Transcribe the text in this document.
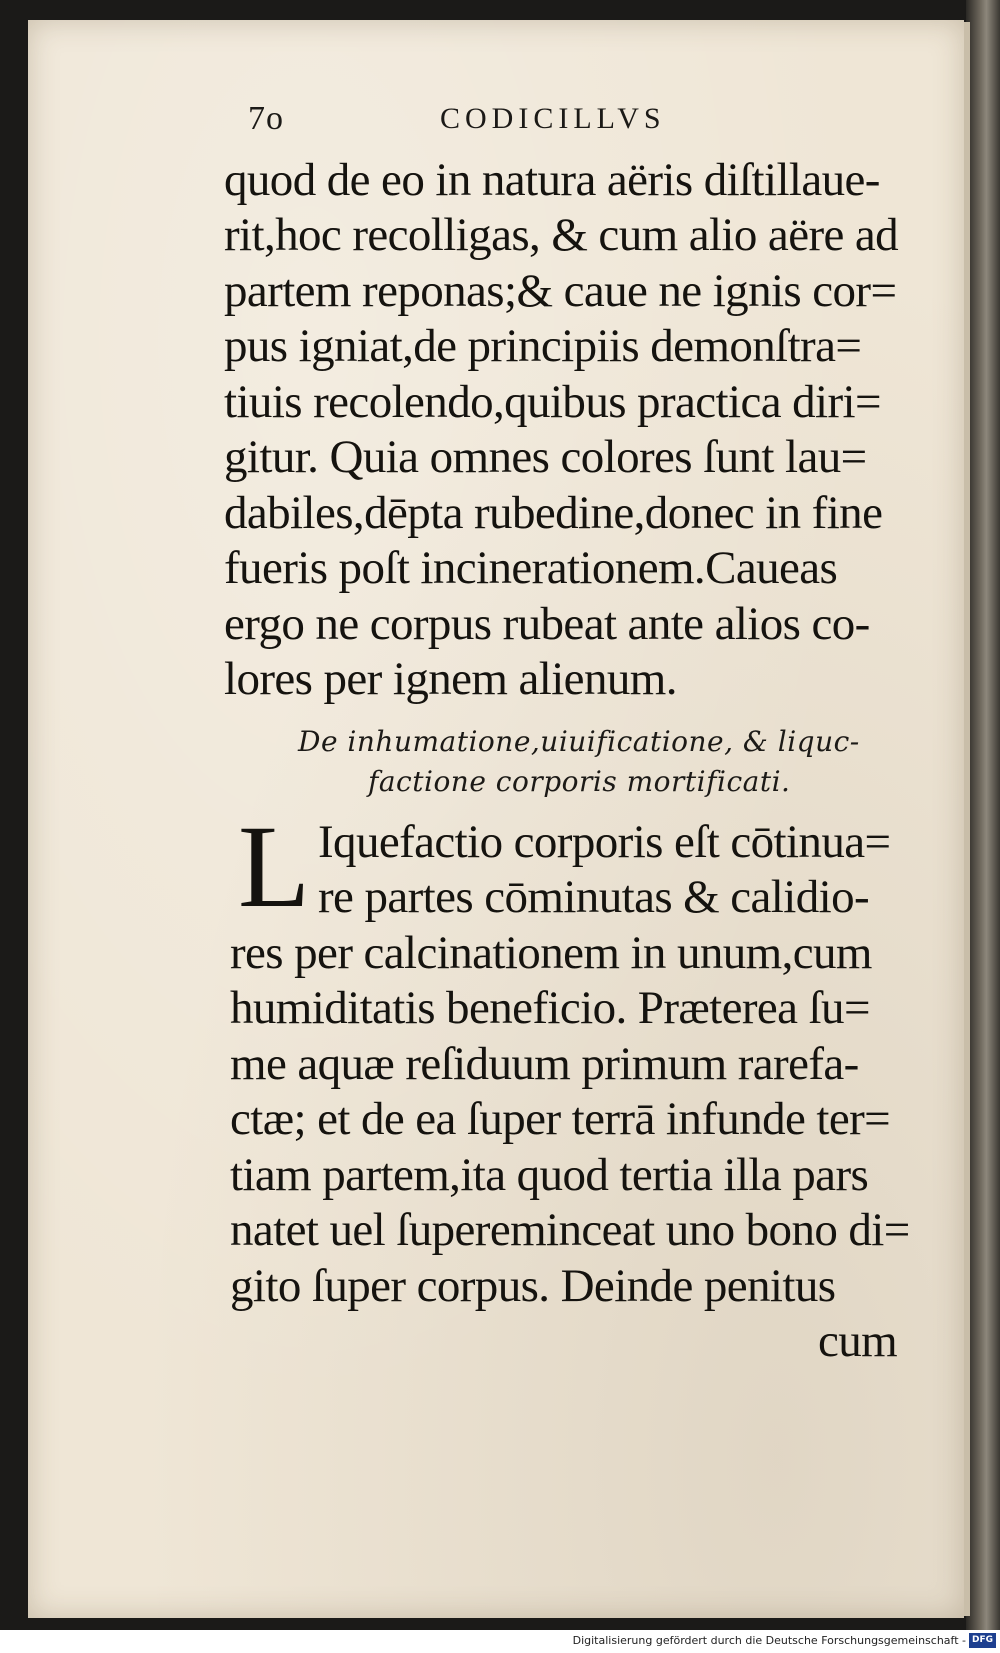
7o	CODICILLVS
quod de eo in natura aëris diſtillaue-
rit,hoc recolligas, & cum alio aëre ad
partem reponas;& caue ne ignis cor=
pus igniat,de principiis demonſtra=
tiuis recolendo,quibus practica diri=
gitur. Quia omnes colores ſunt lau=
dabiles,dēpta rubedine,donec in fine
fueris poſt incinerationem.Caueas
ergo ne corpus rubeat ante alios co-
lores per ignem alienum.
De inhumatione,uiuificatione, & liquc-
factione corporis mortificati.
L Iquefactio corporis eſt cōtinua=
re partes cōminutas & calidio-
res per calcinationem in unum,cum
humiditatis beneficio. Præterea ſu=
me aquæ reſiduum primum rarefa-
ctæ; et de ea ſuper terrā infunde ter=
tiam partem,ita quod tertia illa pars
natet uel ſupereminceat uno bono di=
gito ſuper corpus. Deinde penitus
cum
Digitalisierung gefördert durch die Deutsche Forschungsgemeinschaft - DFG
